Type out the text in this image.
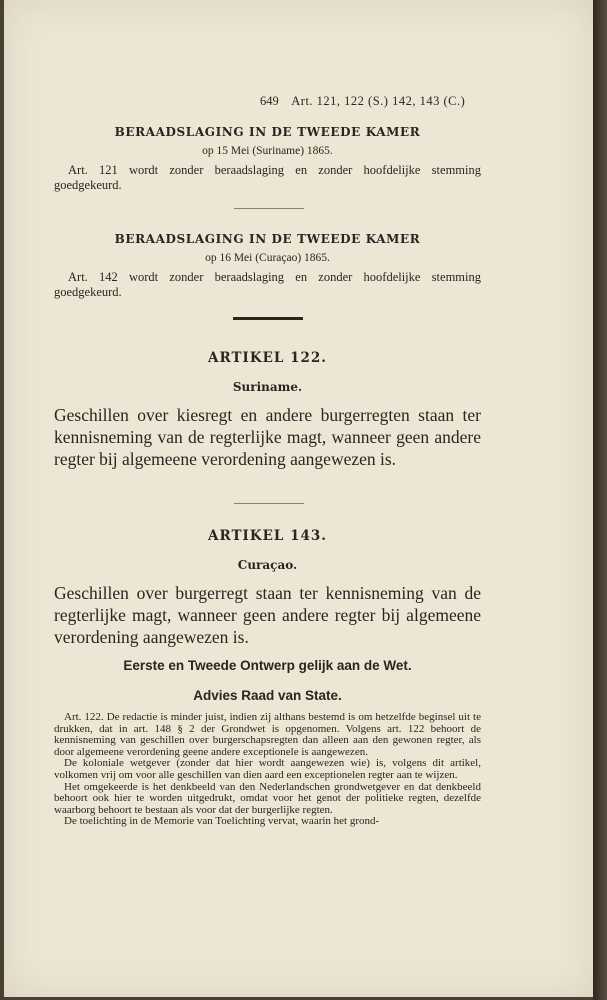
649 Art. 121, 122 (S.) 142, 143 (C.)
BERAADSLAGING IN DE TWEEDE KAMER
op 15 Mei (Suriname) 1865.
Art. 121 wordt zonder beraadslaging en zonder hoofdelijke stemming goedgekeurd.
BERAADSLAGING IN DE TWEEDE KAMER
op 16 Mei (Curaçao) 1865.
Art. 142 wordt zonder beraadslaging en zonder hoofdelijke stemming goedgekeurd.
ARTIKEL 122.
Suriname.
Geschillen over kiesregt en andere burgerregten staan ter kennisneming van de regterlijke magt, wanneer geen andere regter bij algemeene verordening aangewezen is.
ARTIKEL 143.
Curaçao.
Geschillen over burgerregt staan ter kennisneming van de regterlijke magt, wanneer geen andere regter bij algemeene verordening aangewezen is.
Eerste en Tweede Ontwerp gelijk aan de Wet.
Advies Raad van State.

Art. 122. De redactie is minder juist, indien zij althans bestemd is om hetzelfde beginsel uit te drukken, dat in art. 148 § 2 der Grondwet is opgenomen. Volgens art. 122 behoort de kennisneming van geschillen over burgerschapsregten dan alleen aan den gewonen regter, als door algemeene verordening geene andere exceptionele is aangewezen.

De koloniale wetgever (zonder dat hier wordt aangewezen wie) is, volgens dit artikel, volkomen vrij om voor alle geschillen van dien aard een exceptionelen regter aan te wijzen.

Het omgekeerde is het denkbeeld van den Nederlandschen grondwetgever en dat denkbeeld behoort ook hier te worden uitgedrukt, omdat voor het genot der politieke regten, dezelfde waarborg behoort te bestaan als voor dat der burgerlijke regten.

De toelichting in de Memorie van Toelichting vervat, waarin het grond-
